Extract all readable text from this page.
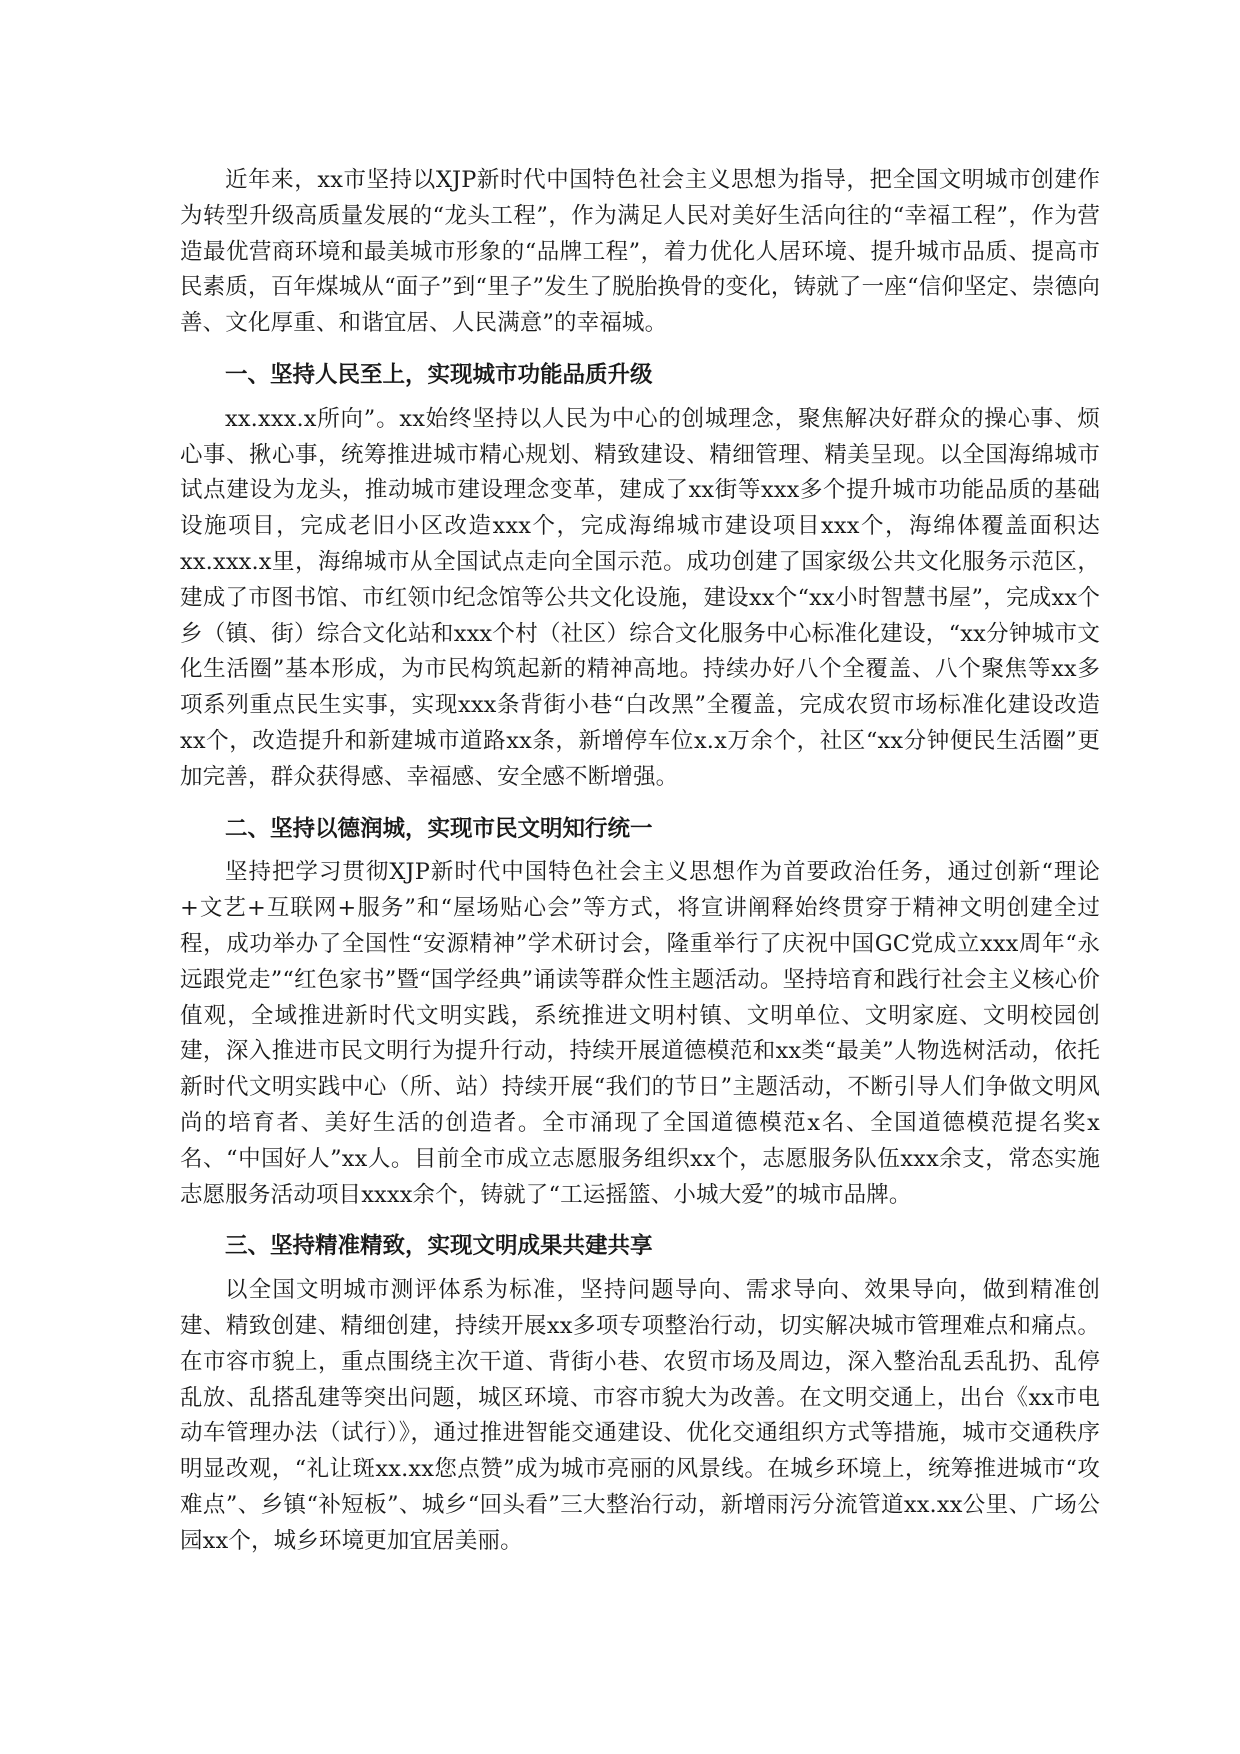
近年来，xx市坚持以XJP新时代中国特色社会主义思想为指导，把全国文明城市创建作为转型升级高质量发展的“龙头工程”，作为满足人民对美好生活向往的“幸福工程”，作为营造最优营商环境和最美城市形象的“品牌工程”，着力优化人居环境、提升城市品质、提高市民素质，百年煤城从“面子”到“里子”发生了脱胎换骨的变化，铸就了一座“信仰坚定、崇德向善、文化厚重、和谐宜居、人民满意”的幸福城。

一、坚持人民至上，实现城市功能品质升级

xx.xxx.x所向”。xx始终坚持以人民为中心的创城理念，聚焦解决好群众的操心事、烦心事、揪心事，统筹推进城市精心规划、精致建设、精细管理、精美呈现。以全国海绵城市试点建设为龙头，推动城市建设理念变革，建成了xx街等xxx多个提升城市功能品质的基础设施项目，完成老旧小区改造xxx个，完成海绵城市建设项目xxx个，海绵体覆盖面积达xx.xxx.x里，海绵城市从全国试点走向全国示范。成功创建了国家级公共文化服务示范区，建成了市图书馆、市红领巾纪念馆等公共文化设施，建设xx个“xx小时智慧书屋”，完成xx个乡（镇、街）综合文化站和xxx个村（社区）综合文化服务中心标准化建设，“xx分钟城市文化生活圈”基本形成，为市民构筑起新的精神高地。持续办好八个全覆盖、八个聚焦等xx多项系列重点民生实事，实现xxx条背街小巷“白改黑”全覆盖，完成农贸市场标准化建设改造xx个，改造提升和新建城市道路xx条，新增停车位x.x万余个，社区“xx分钟便民生活圈”更加完善，群众获得感、幸福感、安全感不断增强。

二、坚持以德润城，实现市民文明知行统一

坚持把学习贯彻XJP新时代中国特色社会主义思想作为首要政治任务，通过创新“理论+文艺+互联网+服务”和“屋场贴心会”等方式，将宣讲阐释始终贯穿于精神文明创建全过程，成功举办了全国性“安源精神”学术研讨会，隆重举行了庆祝中国GC党成立xxx周年“永远跟党走”“红色家书”暨“国学经典”诵读等群众性主题活动。坚持培育和践行社会主义核心价值观，全域推进新时代文明实践，系统推进文明村镇、文明单位、文明家庭、文明校园创建，深入推进市民文明行为提升行动，持续开展道德模范和xx类“最美”人物选树活动，依托新时代文明实践中心（所、站）持续开展“我们的节日”主题活动，不断引导人们争做文明风尚的培育者、美好生活的创造者。全市涌现了全国道德模范x名、全国道德模范提名奖x名、“中国好人”xx人。目前全市成立志愿服务组织xx个，志愿服务队伍xxx余支，常态实施志愿服务活动项目xxxx余个，铸就了“工运摇篮、小城大爱”的城市品牌。

三、坚持精准精致，实现文明成果共建共享

以全国文明城市测评体系为标准，坚持问题导向、需求导向、效果导向，做到精准创建、精致创建、精细创建，持续开展xx多项专项整治行动，切实解决城市管理难点和痛点。在市容市貌上，重点围绕主次干道、背街小巷、农贸市场及周边，深入整治乱丢乱扔、乱停乱放、乱搭乱建等突出问题，城区环境、市容市貌大为改善。在文明交通上，出台《xx市电动车管理办法（试行）》，通过推进智能交通建设、优化交通组织方式等措施，城市交通秩序明显改观，“礼让斑xx.xx您点赞”成为城市亮丽的风景线。在城乡环境上，统筹推进城市“攻难点”、乡镇“补短板”、城乡“回头看”三大整治行动，新增雨污分流管道xx.xx公里、广场公园xx个，城乡环境更加宜居美丽。
